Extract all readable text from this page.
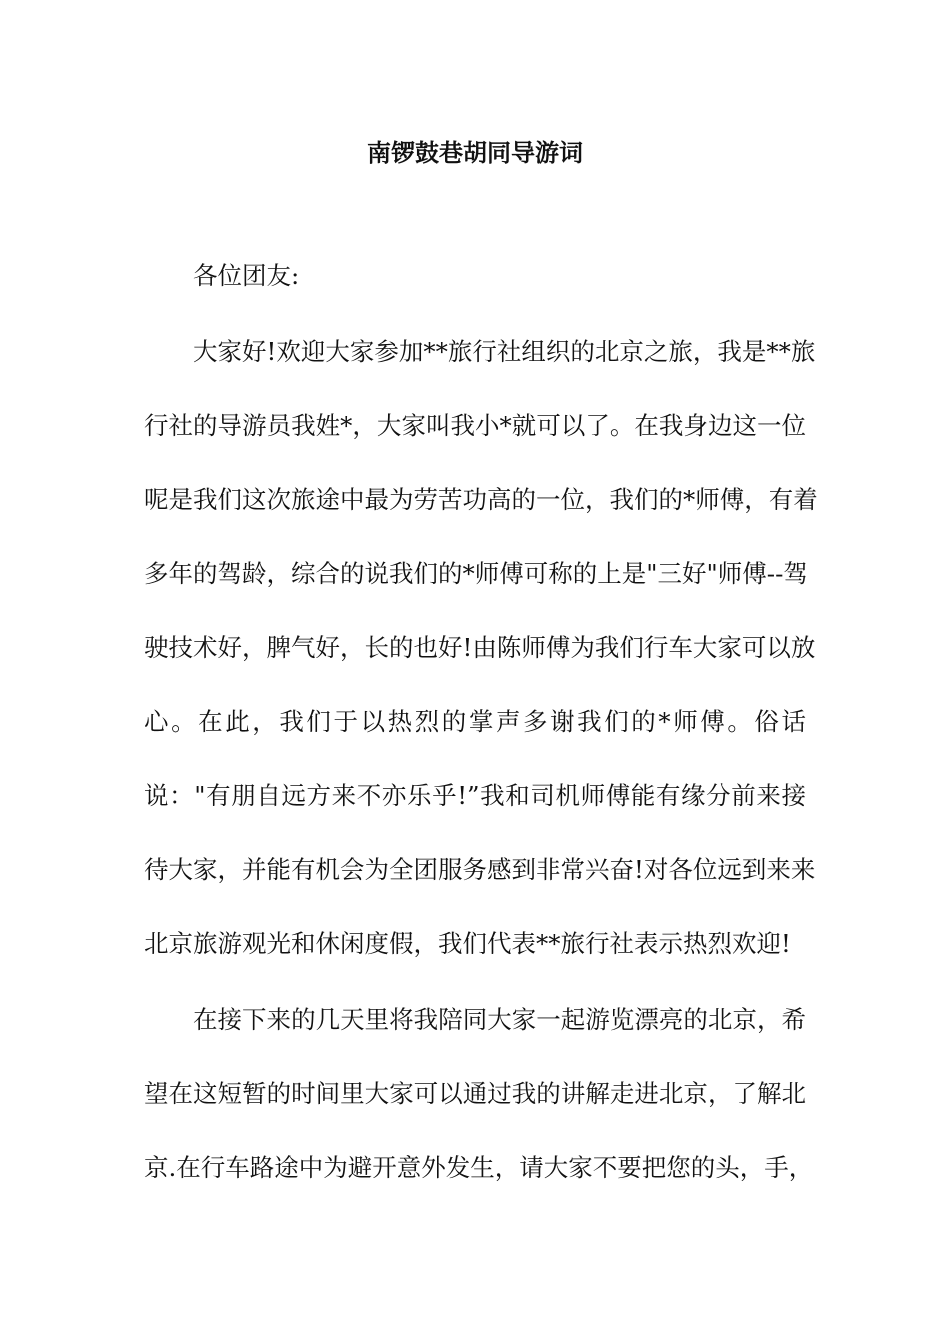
南锣鼓巷胡同导游词
各位团友:
大家好!欢迎大家参加**旅行社组织的北京之旅，我是**旅
行社的导游员我姓*，大家叫我小*就可以了。在我身边这一位
呢是我们这次旅途中最为劳苦功高的一位，我们的*师傅，有着
多年的驾龄，综合的说我们的*师傅可称的上是"三好"师傅--驾
驶技术好，脾气好，长的也好!由陈师傅为我们行车大家可以放
心。在此，我们于以热烈的掌声多谢我们的*师傅。俗话
说："有朋自远方来不亦乐乎!”我和司机师傅能有缘分前来接
待大家，并能有机会为全团服务感到非常兴奋!对各位远到来来
北京旅游观光和休闲度假，我们代表**旅行社表示热烈欢迎!
在接下来的几天里将我陪同大家一起游览漂亮的北京，希
望在这短暂的时间里大家可以通过我的讲解走进北京，了解北
京.在行车路途中为避开意外发生，请大家不要把您的头，手，
